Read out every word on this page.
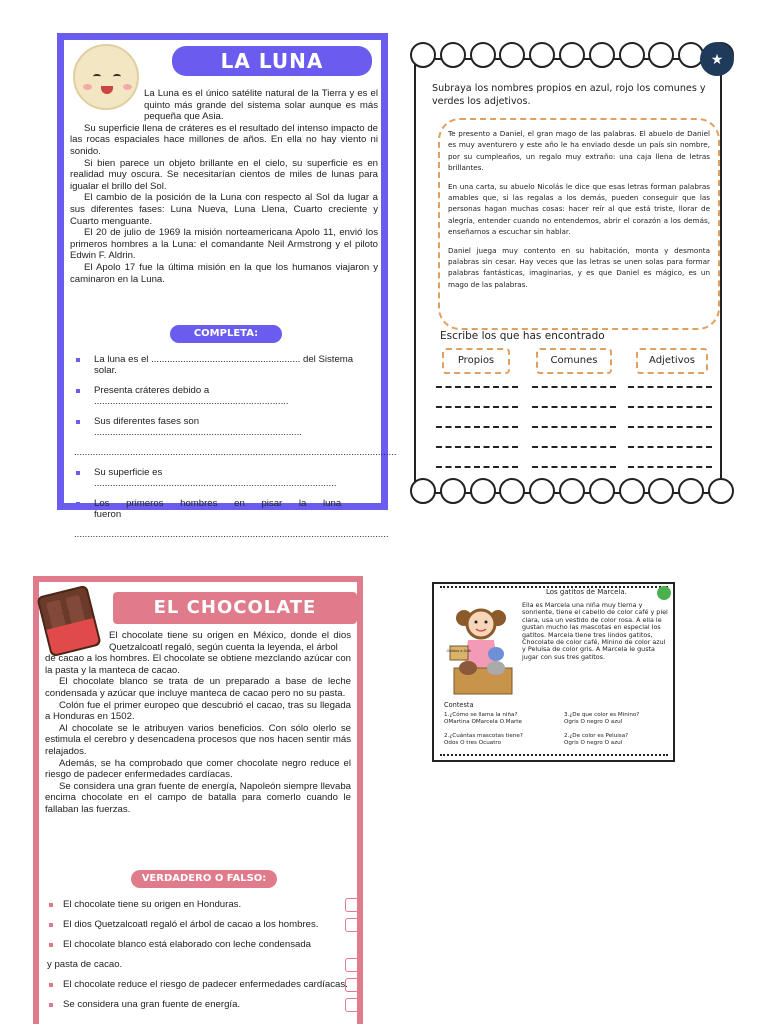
LA LUNA

La Luna es el único satélite natural de la Tierra y es el quinto más grande del sistema solar aunque es más pequeña que Asia.

Su superficie llena de cráteres es el resultado del intenso impacto de las rocas espaciales hace millones de años. En ella no hay viento ni sonido.

Si bien parece un objeto brillante en el cielo, su superficie es en realidad muy oscura. Se necesitarían cientos de miles de lunas para igualar el brillo del Sol.

El cambio de la posición de la Luna con respecto al Sol da lugar a sus diferentes fases: Luna Nueva, Luna Llena, Cuarto creciente y Cuarto menguante.

El 20 de julio de 1969 la misión norteamericana Apolo 11, envió los primeros hombres a la Luna: el comandante Neil Armstrong y el piloto Edwin F. Aldrin.

El Apolo 17 fue la última misión en la que los humanos viajaron y caminaron en la Luna.

COMPLETA:
La luna es el ........................................................ del Sistema solar.
Presenta cráteres debido a .........................................................................
Sus diferentes fases son ..............................................................................
.........................................................................................................................
Su superficie es ...........................................................................................
Los primeros hombres en pisar la luna fueron
......................................................................................................................
★
Subraya los nombres propios en azul, rojo los comunes y verdes los adjetivos.

Te presento a Daniel, el gran mago de las palabras. El abuelo de Daniel es muy aventurero y este año le ha enviado desde un país sin nombre, por su cumpleaños, un regalo muy extraño: una caja llena de letras brillantes.

En una carta, su abuelo Nicolás le dice que esas letras forman palabras amables que, si las regalas a los demás, pueden conseguir que las personas hagan muchas cosas: hacer reír al que está triste, llorar de alegría, entender cuando no entendemos, abrir el corazón a los demás, enseñarnos a escuchar sin hablar.

Daniel juega muy contento en su habitación, monta y desmonta palabras sin cesar. Hay veces que las letras se unen solas para formar palabras fantásticas, imaginarias, y es que Daniel es mágico, es un mago de las palabras.

Escribe los que has encontrado
Propios	Comunes	Adjetivos
EL CHOCOLATE

El chocolate tiene su origen en México, donde el dios Quetzalcoatl regaló, según cuenta la leyenda, el árbol

de cacao a los hombres. El chocolate se obtiene mezclando azúcar con la pasta y la manteca de cacao.

El chocolate blanco se trata de un preparado a base de leche condensada y azúcar que incluye manteca de cacao pero no su pasta.

Colón fue el primer europeo que descubrió el cacao, tras su llegada a Honduras en 1502.

Al chocolate se le atribuyen varios beneficios. Con sólo olerlo se estimula el cerebro y desencadena procesos que nos hacen sentir más relajados.

Además, se ha comprobado que comer chocolate negro reduce el riesgo de padecer enfermedades cardíacas.

Se considera una gran fuente de energía, Napoleón siempre llevaba encima chocolate en el campo de batalla para comerlo cuando le fallaban las fuerzas.

VERDADERO O FALSO:
El chocolate tiene su origen en Honduras.
El dios Quetzalcoatl regaló el árbol de cacao a los hombres.
El chocolate blanco está elaborado con leche condensada
y pasta de cacao.
El chocolate reduce el riesgo de padecer enfermedades cardíacas.
Se considera una gran fuente de energía.
Los gatitos de Marcela.
Gatitos a Salir
Ella es Marcela una niña muy tierna y sonriente, tiene el cabello de color café y piel clara, usa un vestido de color rosa. A ella le gustan mucho las mascotas en especial los gatitos. Marcela tiene tres lindos gatitos, Chocolate de color café, Minino de color azul y Peluisa de color gris. A Marcela le gusta jugar con sus tres gatitos.
Contesta
1.¿Cómo se llama la niña?
OMartina OMarcela O Marte
3.¿De que color es Minino?
Ogris O negro O azul
2.¿Cuántas mascotas tiene?
Odos O tres Ocuatro
2.¿De color es Peluisa?
Ogris O negro O azul
